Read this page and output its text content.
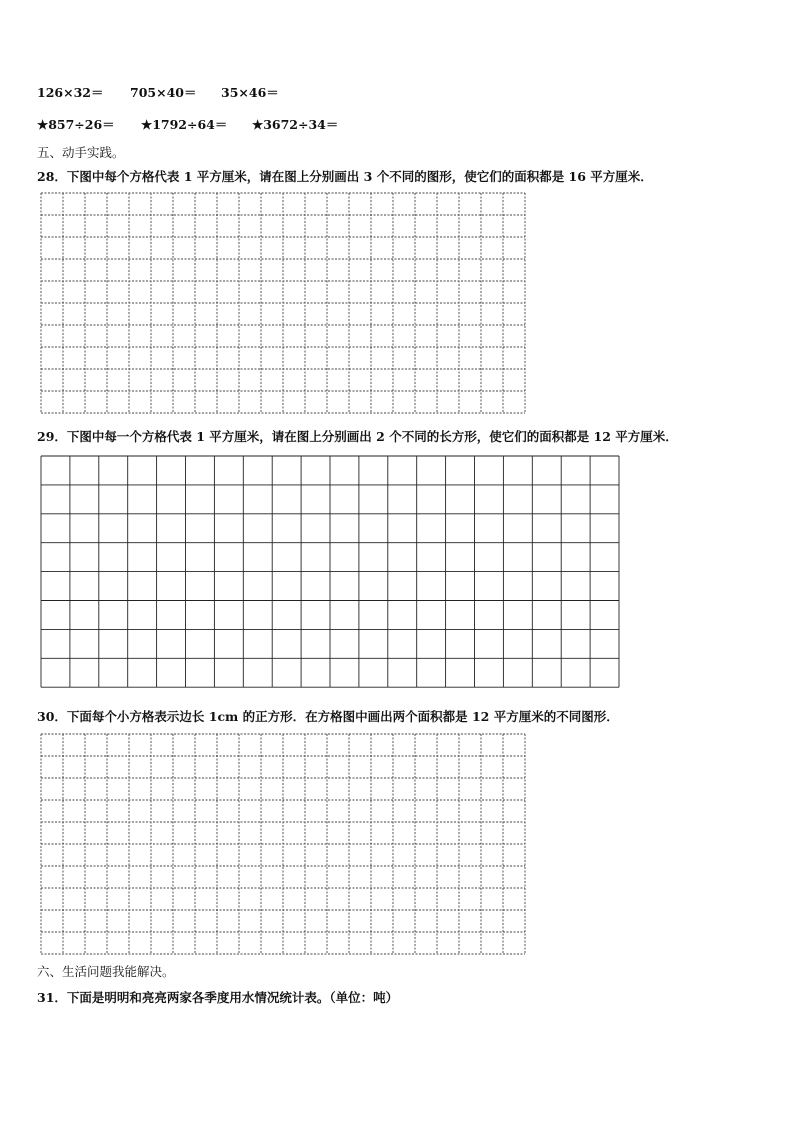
126×32＝ 705×40＝ 35×46＝
★857÷26＝ ★1792÷64＝ ★3672÷34＝
五、动手实践。
28．下图中每个方格代表 1 平方厘米，请在图上分别画出 3 个不同的图形，使它们的面积都是 16 平方厘米．
29．下图中每一个方格代表 1 平方厘米，请在图上分别画出 2 个不同的长方形，使它们的面积都是 12 平方厘米．
30．下面每个小方格表示边长 1cm 的正方形．在方格图中画出两个面积都是 12 平方厘米的不同图形．
六、生活问题我能解决。
31．下面是明明和亮亮两家各季度用水情况统计表。（单位：吨）
